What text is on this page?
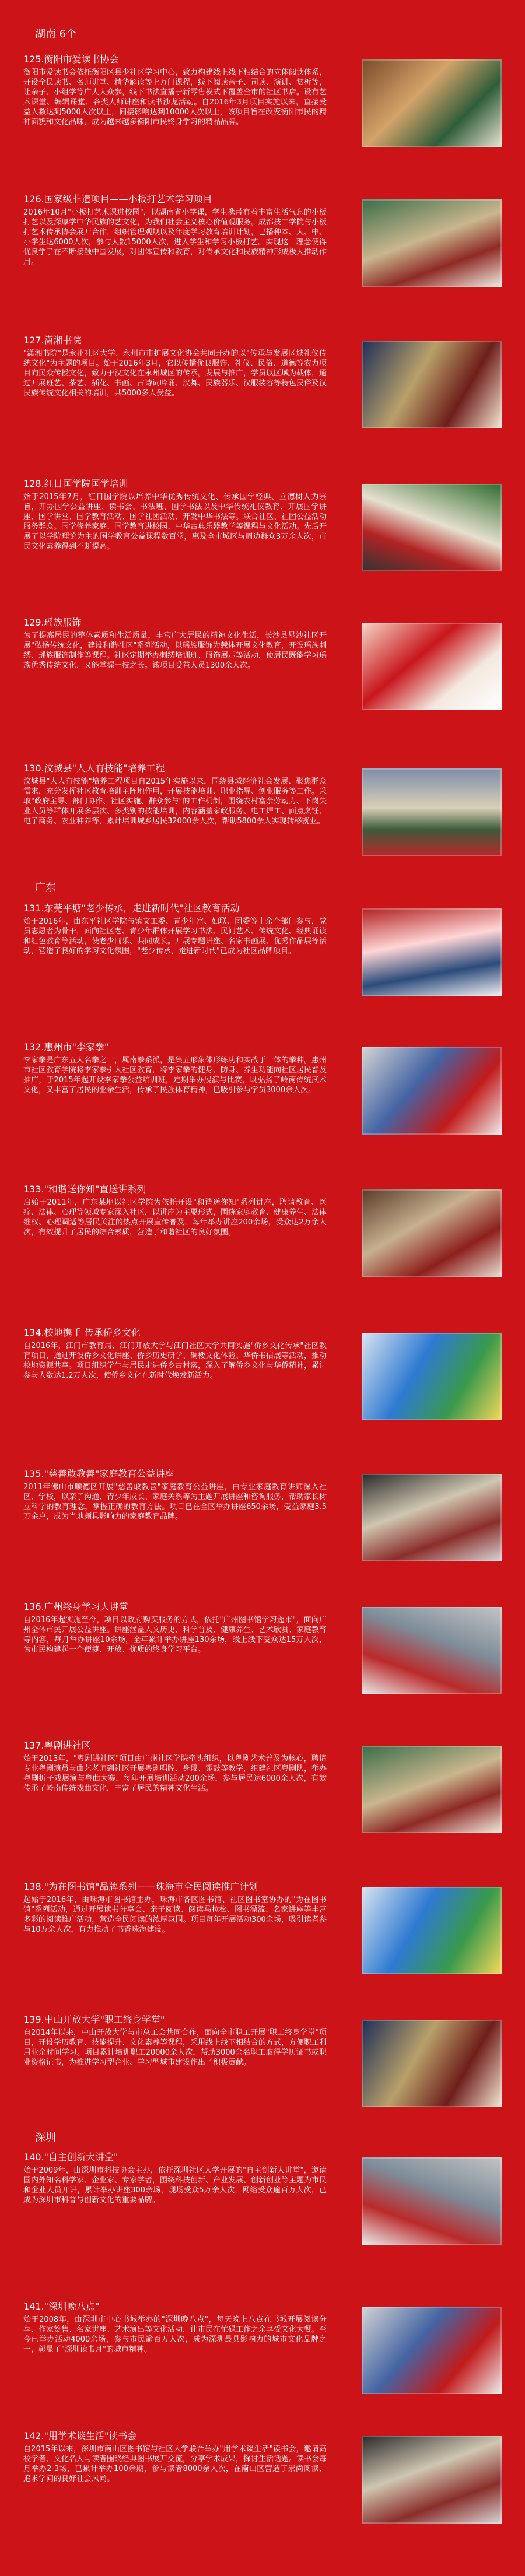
湖南 6个
125.衡阳市爱读书协会

衡阳市爱读书会依托衡阳区县少社区学习中心，致力构建线上线下相结合的立体阅读体系，开设全民读书、名师讲堂、精华解读等上万门课程，线下阅读亲子、司读、演讲、赏析等，让亲子、小组学等广大大众参，线下书法直播于新零售模式下覆盖全市的社区书店。设有艺术课堂、编辑课堂、各类大师讲座和读书沙龙活动。自2016年3月项目实施以来，直接受益人数达到5000人次以上，间接影响达到10000人次以上，该项目旨在改变衡阳市民的精神面貌和文化品味，成为越来越多衡阳市民终身学习的精品品牌。

126.国家级非遗项目——小板打艺术学习项目

2016年10月"小板打艺术课进校园"，以湖南省小学课，学生携带有着丰富生活气息的小板打艺以及深厚学中华民族的艺文化，为我们社会主义核心价值观服务。成都技工学院与小板打艺术传承协会展开合作，组织管理观规以及年度学习教育培训计划，已播种本、大、中、小学生达6000人次，参与人数15000人次，进入学生和学习小板打艺。实现这一理念使得优良学子在不断接触中国发展，对团体宣传和教育，对传承文化和民族精神形成极大推动作用。

127.潇湘书院

"潇湘书院"是永州社区大学、永州市市扩展文化协会共同开办的以"传承与发展区域礼仪传统文化"为主题的项目。始于2016年3月，它以传播优良服饰、礼仪、民俗、道德等农力项目向民众传授文化，致力于汉文化在永州城区的传承。发展与推广，学员以区域为载体，通过开展班艺、茶艺、插花、书画、古诗词吟诵、汉舞、民族器乐、汉服装容等特色民俗及汉民族传统文化相关的培训，共5000多人受益。

128.红日国学院国学培训

始于2015年7月，红日国学院以培养中华优秀传统文化、传承国学经典、立德树人为宗旨，开办国学公益讲座、读书会、书法班、国学书法以及中华传统礼仪教育、开展国学讲座、国学讲堂、国学教育活动、国学社团活动、开发中华书法等。联合社区、社团公益活动服务群众。国学修养家庭、国学教育进校园、中华古典乐器教学等课程与文化活动。先后开展了以学院理论为主的国学教育公益课程数百堂，惠及全市城区与周边群众3万余人次，市民文化素养得到不断提高。

129.瑶族服饰

为了提高居民的整体素质和生活质量，丰富广大居民的精神文化生活，长沙县星沙社区开展"弘扬传统文化，建设和谐社区"系列活动，以瑶族服饰为载体开展文化教育，开设瑶族刺绣、瑶族服饰制作等课程。社区定期举办刺绣培训班、服饰展示等活动，使居民既能学习瑶族优秀传统文化，又能掌握一技之长。该项目受益人员1300余人次。

130.汶城县"人人有技能"培养工程

汶城县"人人有技能"培养工程项目自2015年实施以来，围绕县域经济社会发展、聚焦群众需求，充分发挥社区教育培训主阵地作用，开展技能培训、职业指导、创业服务等工作。采取"政府主导、部门协作、社区实施、群众参与"的工作机制，围绕农村富余劳动力、下岗失业人员等群体开展多层次、多类别的技能培训，内容涵盖家政服务、电工焊工、面点烹饪、电子商务、农业种养等，累计培训城乡居民32000余人次，帮助5800余人实现转移就业。

131.东莞平塘"老少传承，走进新时代"社区教育活动

始于2016年，由东平社区学院与镇文工委、青少年宫、妇联、团委等十余个部门参与，党员志愿者为骨干，面向社区老、青少年群体开展学习书法、民间艺术、传统文化、经典诵读和红色教育等活动，使老少同乐、共同成长。开展专题讲座、名家书画展、优秀作品展等活动，营造了良好的学习文化氛围，"老少传承，走进新时代"已成为社区品牌项目。

132.惠州市"李家拳"

李家拳是广东五大名拳之一，属南拳系派，是集五形象体形练功和实战于一体的拳种。惠州市社区教育学院将李家拳引入社区教育，将李家拳的健身、防身、养生功能向社区居民普及推广，于2015年起开设李家拳公益培训班，定期举办展演与比赛，既弘扬了岭南传统武术文化，又丰富了居民的业余生活，传承了民族体育精神，已吸引参与学员3000余人次。

133."和谐送你知"直送讲系列

启始于2011年，广东某地以社区学院为依托开设"和谐送你知"系列讲座，聘请教育、医疗、法律、心理等领域专家深入社区，以讲座为主要形式，围绕家庭教育、健康养生、法律维权、心理调适等居民关注的热点开展宣传普及，每年举办讲座200余场，受众达2万余人次，有效提升了居民的综合素质，营造了和谐社区的良好氛围。

134.校地携手 传承侨乡文化

自2016年，江门市教育局、江门开放大学与江门社区大学共同实施"侨乡文化传承"社区教育项目，通过开设侨乡文化讲座、侨乡历史研学、碉楼文化体验、华侨书信展等活动，推动校地资源共享。项目组织学生与居民走进侨乡古村落，深入了解侨乡文化与华侨精神，累计参与人数达1.2万人次，使侨乡文化在新时代焕发新活力。

135."慈善敢教善"家庭教育公益讲座

2011年佛山市顺德区开展"慈善敢教善"家庭教育公益讲座，由专业家庭教育讲师深入社区、学校，以亲子沟通、青少年成长、家庭关系等为主题开展讲座和咨询服务，帮助家长树立科学的教育理念，掌握正确的教育方法。项目已在全区举办讲座650余场，受益家庭3.5万余户，成为当地颇具影响力的家庭教育品牌。

136.广州终身学习大讲堂

自2016年起实施至今，项目以政府购买服务的方式，依托"广州图书馆学习超市"，面向广州全体市民开展公益讲座。讲座涵盖人文历史、科学普及、健康养生、艺术欣赏、家庭教育等内容，每月举办讲座10余场，全年累计举办讲座130余场，线上线下受众达15万人次，为市民构建起一个便捷、开放、优质的终身学习平台。

137.粤剧进社区

始于2013年，"粤剧进社区"项目由广州社区学院牵头组织，以粤剧艺术普及为核心，聘请专业粤剧演员与曲艺老师到社区开展粤剧唱腔、身段、锣鼓等教学，组建社区粤剧队，举办粤剧折子戏展演与粤曲大赛，每年开展培训活动200余场，参与居民达6000余人次，有效传承了岭南传统戏曲文化，丰富了居民的精神文化生活。

138."为在图书馆"品牌系列——珠海市全民阅读推广计划

起始于2016年，由珠海市图书馆主办，珠海市各区图书馆、社区图书室协办的"为在图书馆"系列活动，通过开展读书分享会、亲子阅读、阅读马拉松、图书漂流、名家讲座等丰富多彩的阅读推广活动，营造全民阅读的浓厚氛围。项目每年开展活动300余场，吸引读者参与10万余人次，有力推动了书香珠海建设。

139.中山开放大学"职工终身学堂"

自2014年以来，中山开放大学与市总工会共同合作，面向全市职工开展"职工终身学堂"项目，开设学历教育、技能提升、文化素养等课程，采用线上线下相结合的方式，方便职工利用业余时间学习。项目累计培训职工20000余人次，帮助3000余名职工取得学历证书或职业资格证书，为推进学习型企业、学习型城市建设作出了积极贡献。

140."自主创新大讲堂"

始于2009年，由深圳市科技协会主办，依托深圳社区大学开展的"自主创新大讲堂"，邀请国内外知名科学家、企业家、专家学者，围绕科技创新、产业发展、创新创业等主题为市民和企业人员开讲，累计举办讲座300余场，现场受众5万余人次，网络受众逾百万人次，已成为深圳市科普与创新文化的重要品牌。

141."深圳晚八点"

始于2008年，由深圳市中心书城举办的"深圳晚八点"，每天晚上八点在书城开展阅读分享、作家签售、名家讲座、艺术演出等文化活动，让市民在忙碌工作之余享受文化大餐。至今已举办活动4000余场，参与市民逾百万人次，成为深圳最具影响力的城市文化品牌之一，彰显了"深圳读书月"的城市精神。

142."用学术谈生活"读书会

自2015年以来，深圳市南山区图书馆与社区大学联合举办"用学术谈生活"读书会，邀请高校学者、文化名人与读者围绕经典图书展开交流，分享学术成果，探讨生活话题。读书会每月举办2-3场，已累计举办100余期，参与读者8000余人次，在南山区营造了崇尚阅读、追求学问的良好社会风尚。

广东
深圳
